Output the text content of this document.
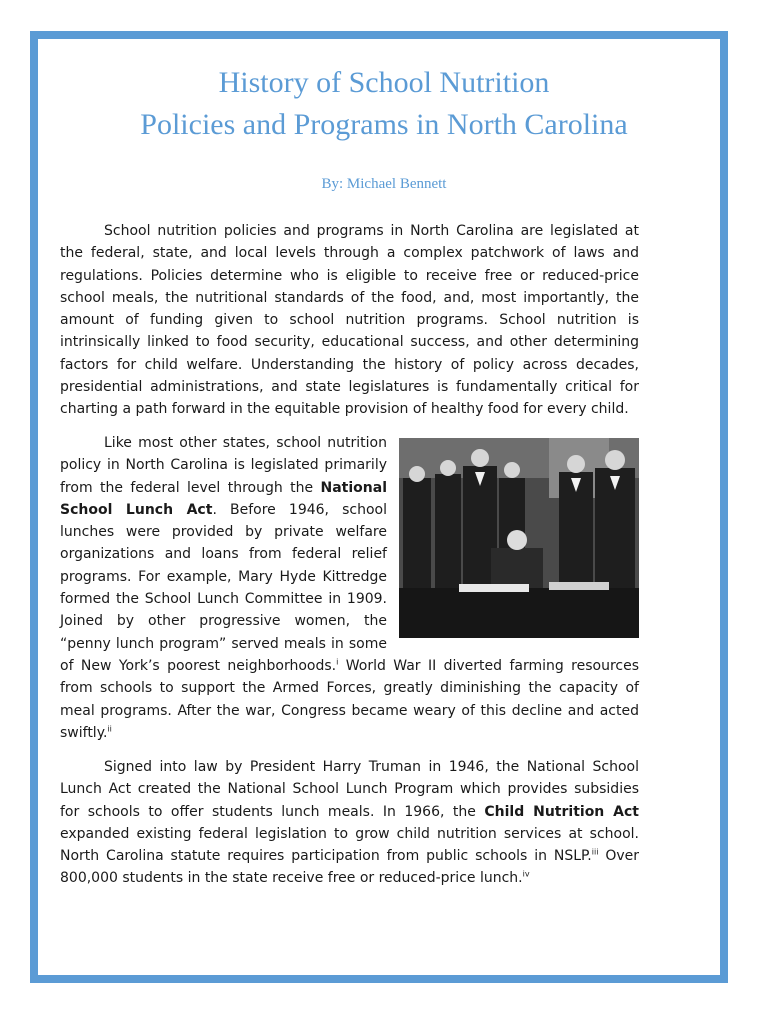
History of School Nutrition
Policies and Programs in North Carolina
By: Michael Bennett
School nutrition policies and programs in North Carolina are legislated at the federal, state, and local levels through a complex patchwork of laws and regulations. Policies determine who is eligible to receive free or reduced-price school meals, the nutritional standards of the food, and, most importantly, the amount of funding given to school nutrition programs. School nutrition is intrinsically linked to food security, educational success, and other determining factors for child welfare. Understanding the history of policy across decades, presidential administrations, and state legislatures is fundamentally critical for charting a path forward in the equitable provision of healthy food for every child.
Like most other states, school nutrition policy in North Carolina is legislated primarily from the federal level through the National School Lunch Act. Before 1946, school lunches were provided by private welfare organizations and loans from federal relief programs. For example, Mary Hyde Kittredge formed the School Lunch Committee in 1909. Joined by other progressive women, the “penny lunch program” served meals in some of New York’s poorest neighborhoods.$^i$ World War II diverted farming resources from schools to support the Armed Forces, greatly diminishing the capacity of meal programs. After the war, Congress became weary of this decline and acted swiftly.$^{ii}$
Signed into law by President Harry Truman in 1946, the National School Lunch Act created the National School Lunch Program which provides subsidies for schools to offer students lunch meals. In 1966, the Child Nutrition Act expanded existing federal legislation to grow child nutrition services at school. North Carolina statute requires participation from public schools in NSLP.$^{iii}$ Over 800,000 students in the state receive free or reduced-price lunch.$^{iv}$
